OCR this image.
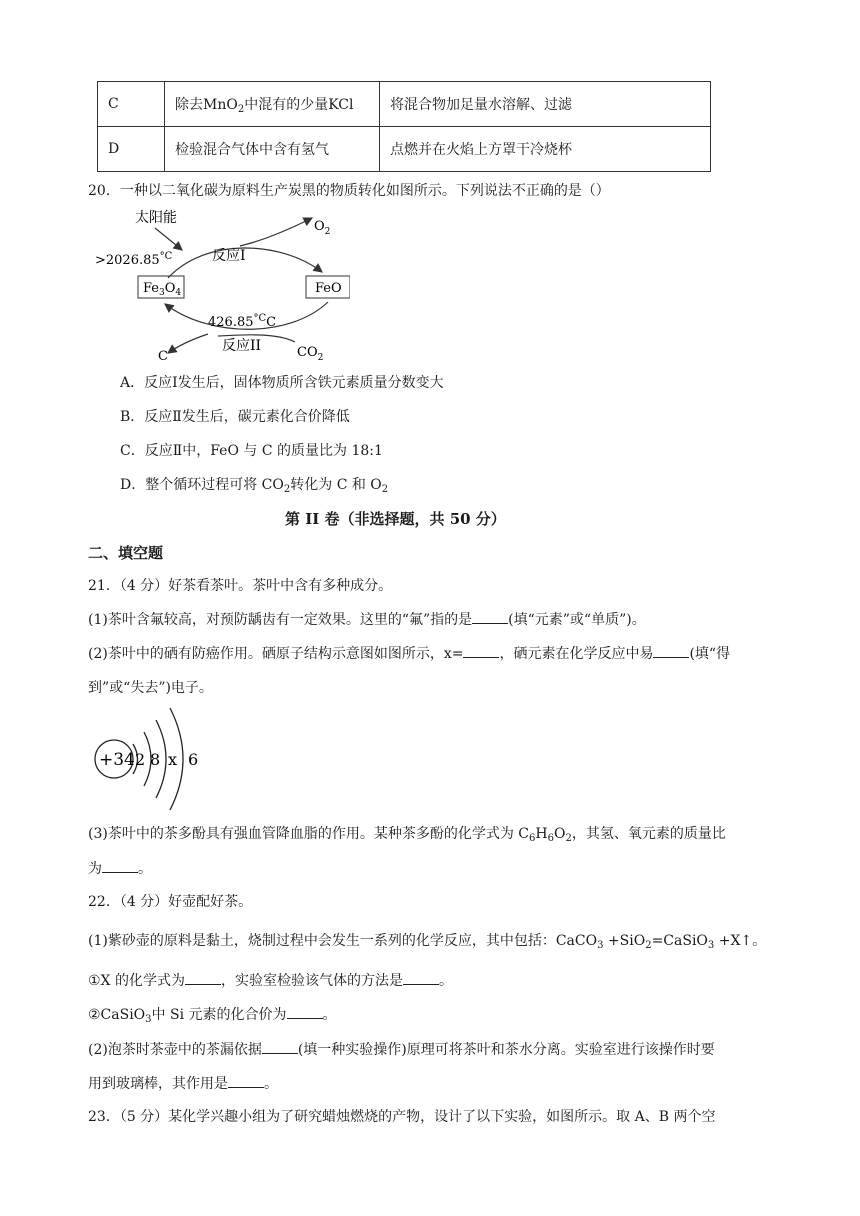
C	除去MnO$_2$中混有的少量KCl	将混合物加足量水溶解、过滤
D	检验混合气体中含有氢气	点燃并在火焰上方罩干冷烧杯
20．一种以二氧化碳为原料生产炭黑的物质转化如图所示。下列说法不正确的是（）
太阳能
$>2026.85^{^\circ C}$
$O_2$
反应I
$Fe_3O_4$	FeO
$426.85^{^\circ C}C$
反应II
C	$CO_2$
A．反应Ⅰ发生后，固体物质所含铁元素质量分数变大
B．反应Ⅱ发生后，碳元素化合价降低
C．反应Ⅱ中，FeO 与 C 的质量比为 18:1
D．整个循环过程可将 $CO_2$转化为 C 和 $O_2$
第 II 卷（非选择题，共 50 分）
二、填空题
21．（4 分）好茶看茶叶。茶叶中含有多种成分。
(1)茶叶含氟较高，对预防龋齿有一定效果。这里的“氟”指的是	(填“元素”或“单质”)。
(2)茶叶中的硒有防癌作用。硒原子结构示意图如图所示，x=	，硒元素在化学反应中易	(填“得
到”或“失去”)电子。
+34 2 8 x 6
(3)茶叶中的茶多酚具有强血管降血脂的作用。某种茶多酚的化学式为 $C_6H_6O_2$，其氢、氧元素的质量比
为	。
22．（4 分）好壶配好茶。
(1)紫砂壶的原料是黏土，烧制过程中会发生一系列的化学反应，其中包括：CaCO$_3$ +SiO$_2$=CaSiO$_3$ +X↑。
①X 的化学式为	，实验室检验该气体的方法是	。
②CaSiO$_3$中 Si 元素的化合价为	。
(2)泡茶时茶壶中的茶漏依据	(填一种实验操作)原理可将茶叶和茶水分离。实验室进行该操作时要
用到玻璃棒，其作用是	。
23．（5 分）某化学兴趣小组为了研究蜡烛燃烧的产物，设计了以下实验，如图所示。取 A、B 两个空
